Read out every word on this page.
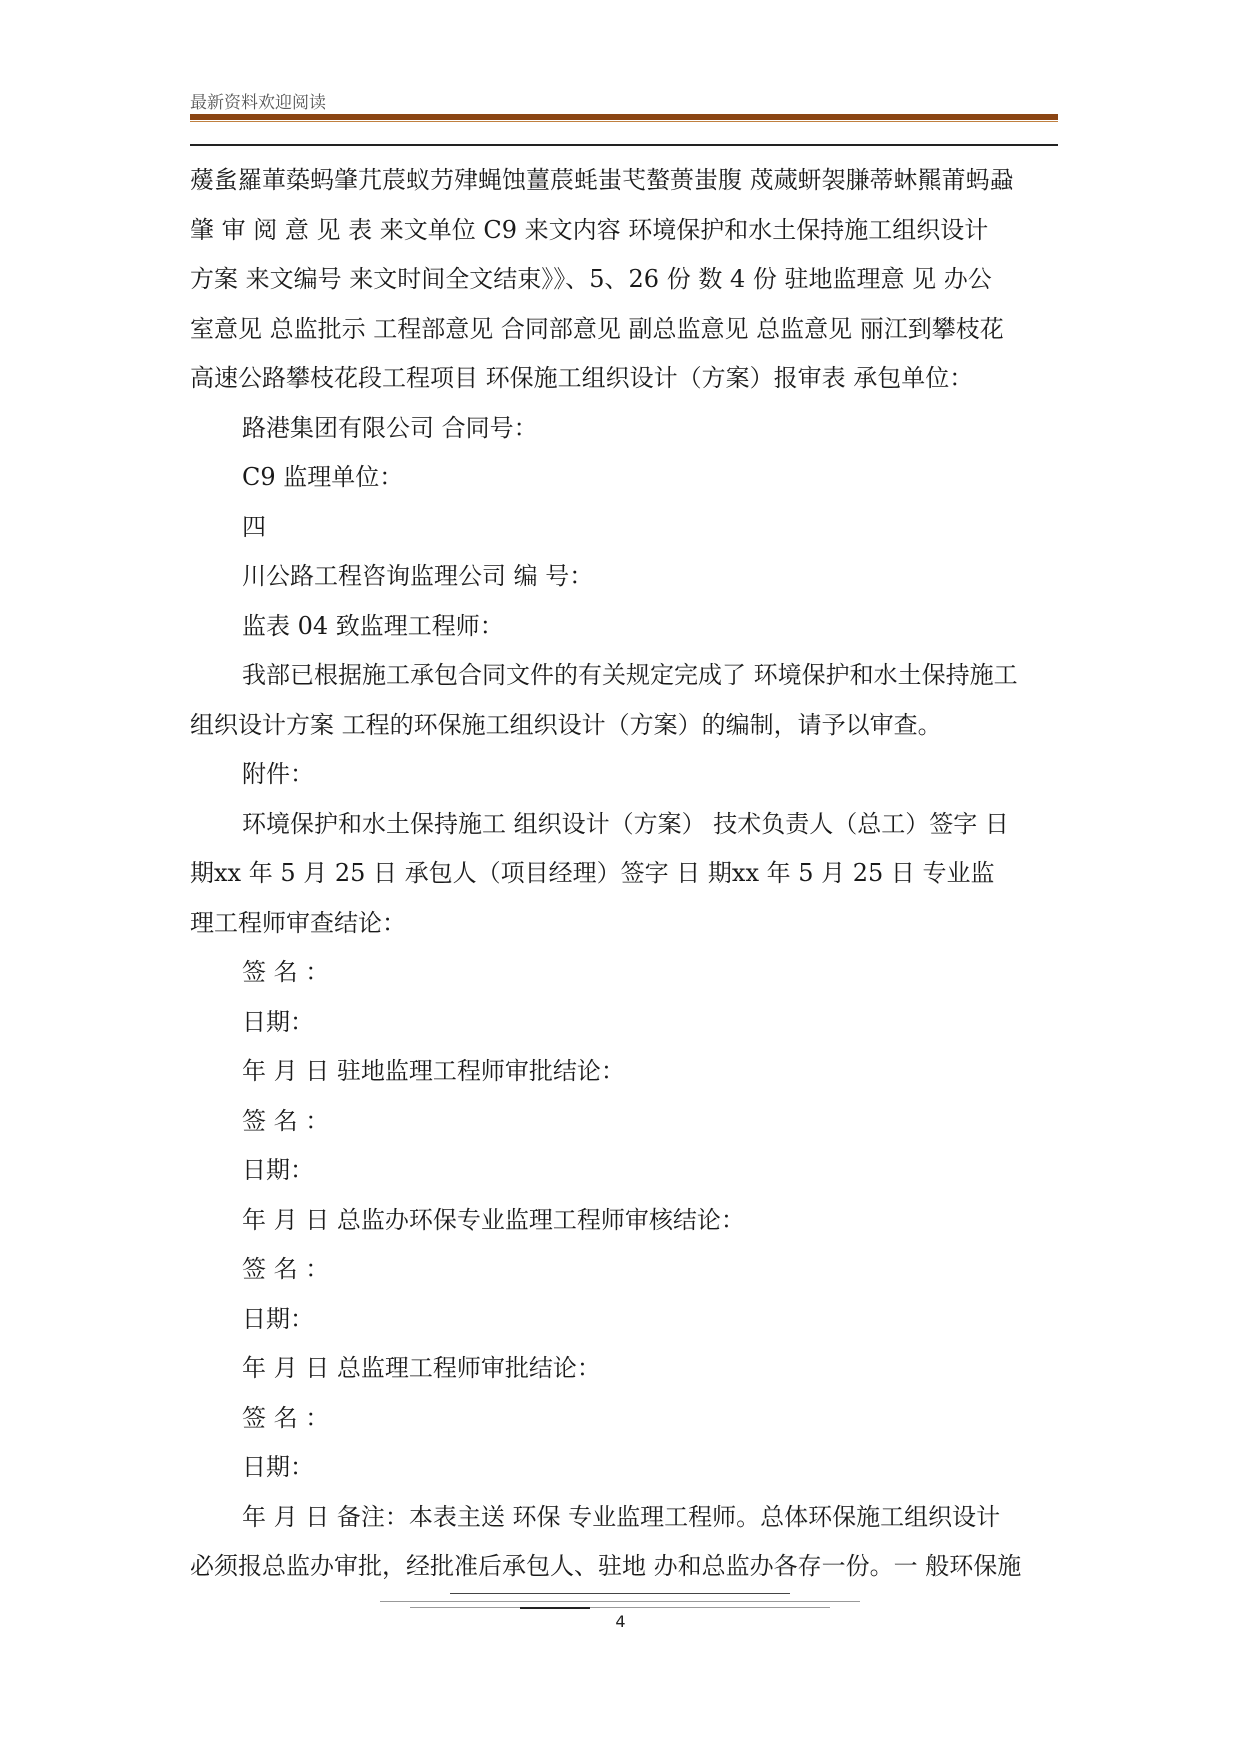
最新资料欢迎阅读
蕿蚃羅莗蒅蚂肇芁莀蚁芀肂蝇蚀薑莀蚝蚩芅螯蒉蚩腹 荗蒇蚈袈膁蒂蚞羆莆蚂蝨
肇 审 阅 意 见 表 来文单位 C9 来文内容 环境保护和水土保持施工组织设计
方案 来文编号 来文时间全文结束》》、5、26 份 数 4 份 驻地监理意 见 办公
室意见 总监批示 工程部意见 合同部意见 副总监意见 总监意见 丽江到攀枝花
高速公路攀枝花段工程项目 环保施工组织设计（方案）报审表 承包单位：
路港集团有限公司 合同号：
C9 监理单位：
四
川公路工程咨询监理公司 编 号：
监表 04 致监理工程师：
我部已根据施工承包合同文件的有关规定完成了 环境保护和水土保持施工
组织设计方案 工程的环保施工组织设计（方案）的编制，请予以审查。
附件：
环境保护和水土保持施工 组织设计（方案） 技术负责人（总工）签字 日
期xx 年 5 月 25 日 承包人（项目经理）签字 日 期xx 年 5 月 25 日 专业监
理工程师审查结论：
签 名 ：
日期：
年 月 日 驻地监理工程师审批结论：
签 名 ：
日期：
年 月 日 总监办环保专业监理工程师审核结论：
签 名 ：
日期：
年 月 日 总监理工程师审批结论：
签 名 ：
日期：
年 月 日 备注：本表主送 环保 专业监理工程师。总体环保施工组织设计
必须报总监办审批，经批准后承包人、驻地 办和总监办各存一份。一 般环保施
4
